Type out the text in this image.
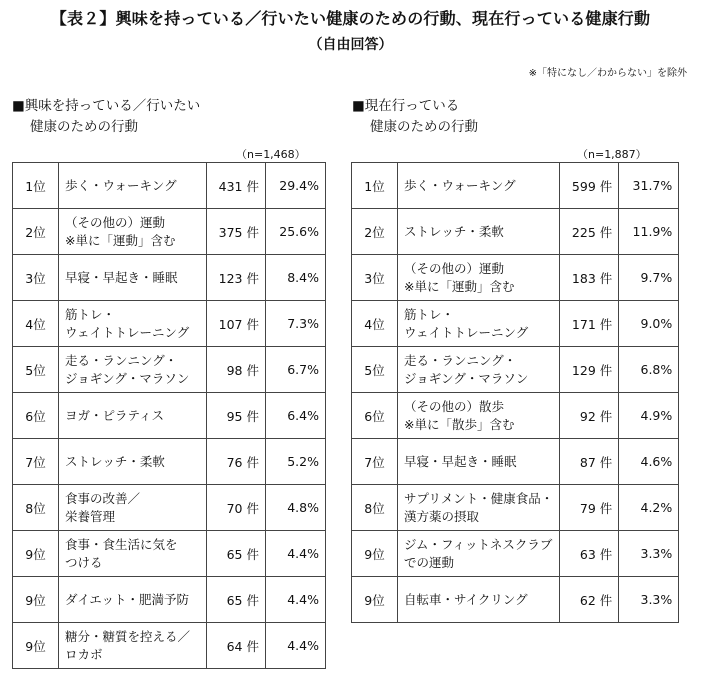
【表２】興味を持っている／行いたい健康のための行動、現在行っている健康行動
（自由回答）
※「特になし／わからない」を除外
■興味を持っている／行いたい
健康のための行動
（n=1,468）
■現在行っている
健康のための行動
（n=1,887）
1位	歩く・ウォーキング	431 件	29.4%
2位	（その他の）運動
※単に「運動」含む	375 件	25.6%
3位	早寝・早起き・睡眠	123 件	8.4%
4位	筋トレ・
ウェイトトレーニング	107 件	7.3%
5位	走る・ランニング・
ジョギング・マラソン	98 件	6.7%
6位	ヨガ・ピラティス	95 件	6.4%
7位	ストレッチ・柔軟	76 件	5.2%
8位	食事の改善／
栄養管理	70 件	4.8%
9位	食事・食生活に気を
つける	65 件	4.4%
9位	ダイエット・肥満予防	65 件	4.4%
9位	糖分・糖質を控える／
ロカボ	64 件	4.4%
1位	歩く・ウォーキング	599 件	31.7%
2位	ストレッチ・柔軟	225 件	11.9%
3位	（その他の）運動
※単に「運動」含む	183 件	9.7%
4位	筋トレ・
ウェイトトレーニング	171 件	9.0%
5位	走る・ランニング・
ジョギング・マラソン	129 件	6.8%
6位	（その他の）散歩
※単に「散歩」含む	92 件	4.9%
7位	早寝・早起き・睡眠	87 件	4.6%
8位	サプリメント・健康食品・
漢方薬の摂取	79 件	4.2%
9位	ジム・フィットネスクラブ
での運動	63 件	3.3%
9位	自転車・サイクリング	62 件	3.3%
